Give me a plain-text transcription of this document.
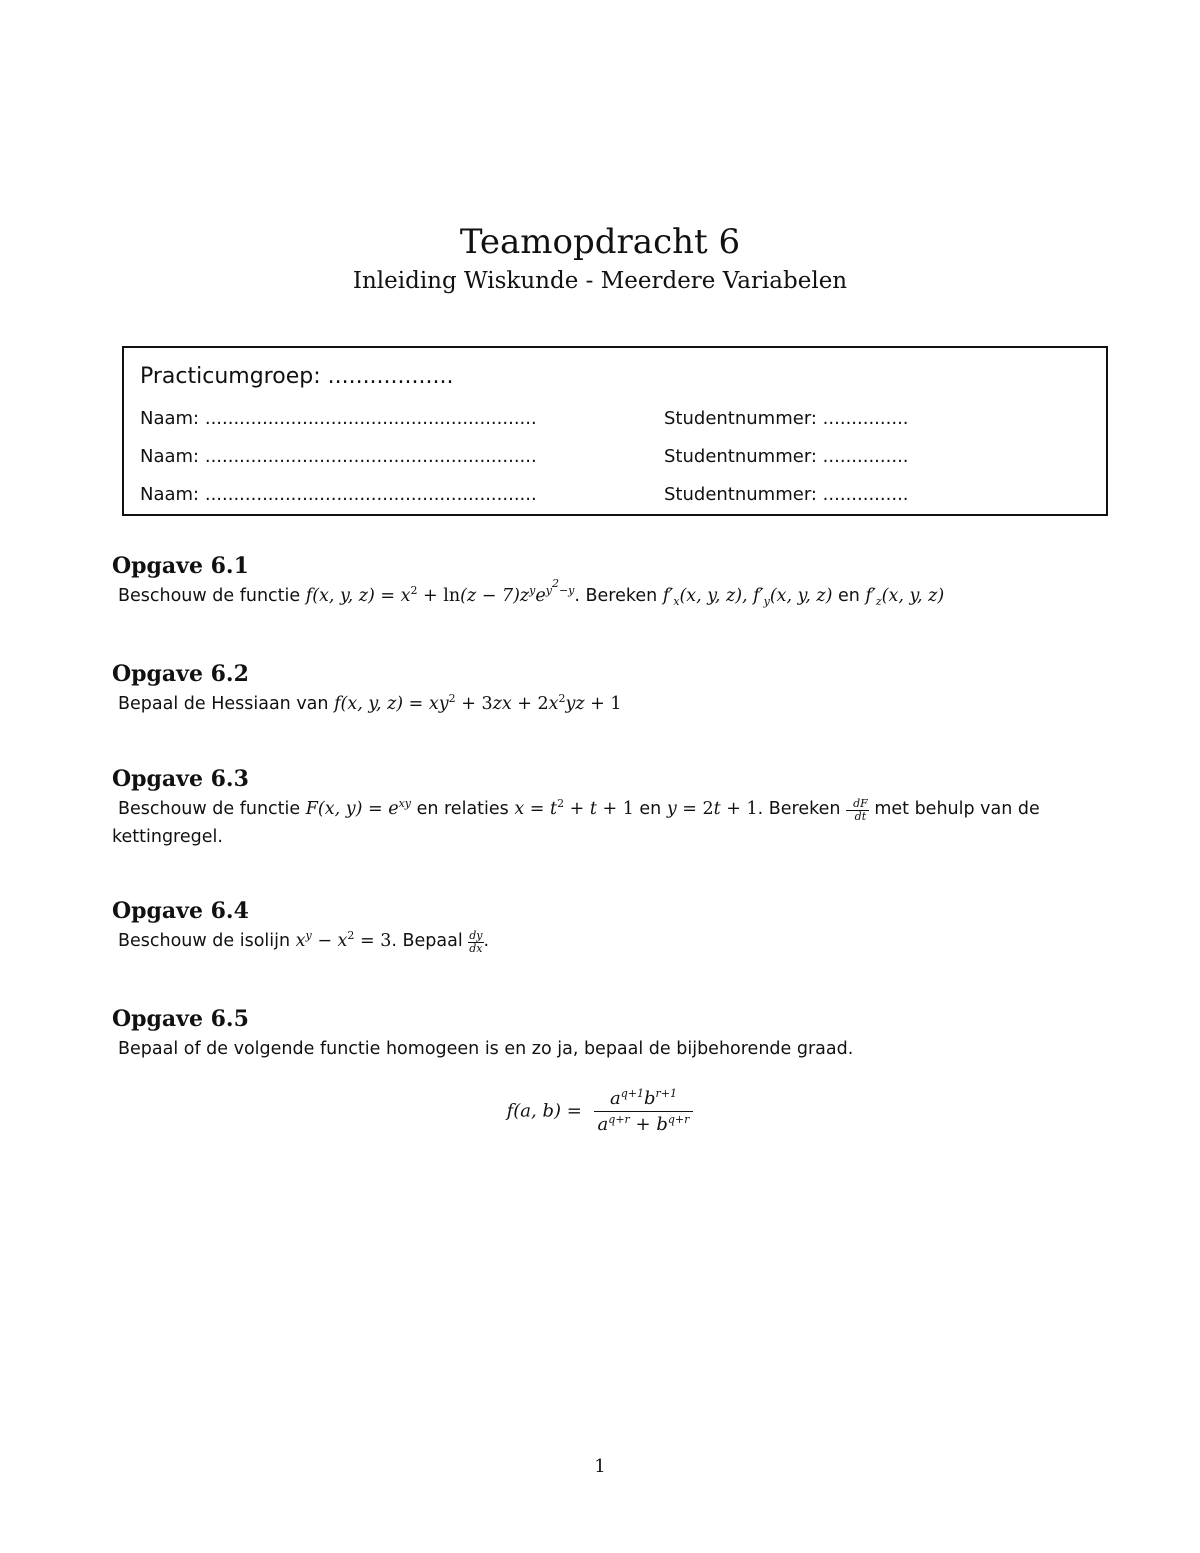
Teamopdracht 6
Inleiding Wiskunde - Meerdere Variabelen
Practicumgroep: ..................
Naam: ..........................................................	Studentnummer: ...............
Naam: ..........................................................	Studentnummer: ...............
Naam: ..........................................................	Studentnummer: ...............
Opgave 6.1

Beschouw de functie f(x, y, $z) = x^2 + \ln(z - 7)z^ye^{y^2-y}$. Bereken $f'_x(x$, y, z), $f'_y(x$, y, z) en $f'_z(x$, y, z)

Opgave 6.2

Bepaal de Hessiaan van f(x, y, $z) = xy^2 + 3zx + 2x^2yz + 1$

Opgave 6.3

Beschouw de functie F(x, $y) = e^{xy}$ en relaties $x = t^2 + t + 1$ en y = 2t + 1. Bereken $\frac{dF}{dt}$ met behulp van de kettingregel.

Opgave 6.4

Beschouw de isolijn $x^y - x^2 = 3$. Bepaal $\frac{dy}{dx}$ .

Opgave 6.5

Bepaal of de volgende functie homogeen is en zo ja, bepaal de bijbehorende graad.

f(a, $b) = \frac{a^{q+1}b^{r+1}}{a^{q+r} + b^{q+r}}$
1
